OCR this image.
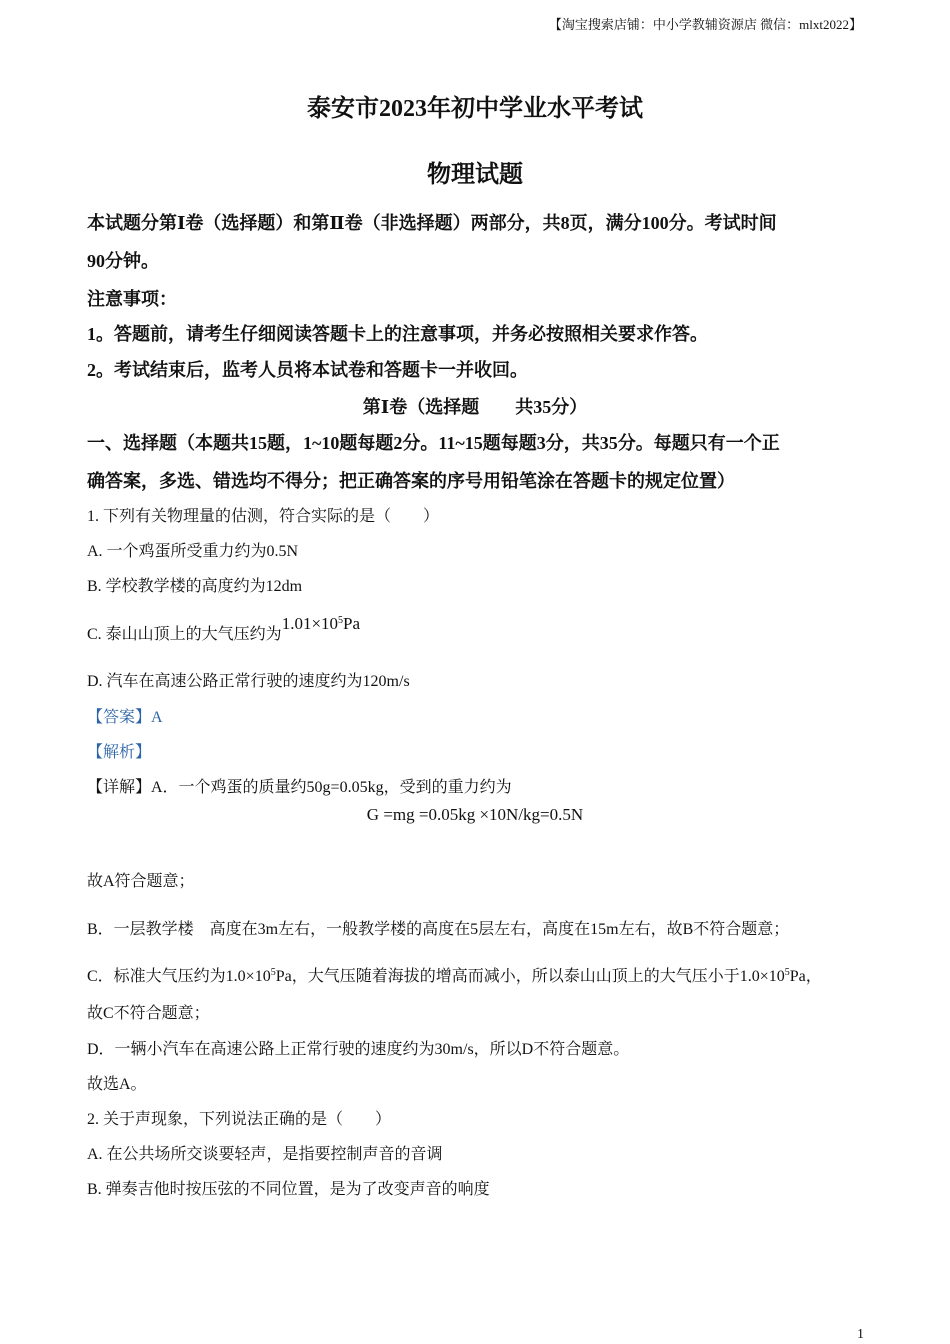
【淘宝搜索店铺：中小学教辅资源店 微信：mlxt2022】
泰安市2023年初中学业水平考试
物理试题
本试题分第Ⅰ卷（选择题）和第Ⅱ卷（非选择题）两部分，共8页，满分100分。考试时间
90分钟。
注意事项：
1。答题前，请考生仔细阅读答题卡上的注意事项，并务必按照相关要求作答。
2。考试结束后，监考人员将本试卷和答题卡一并收回。
第Ⅰ卷（选择题　　共35分）
一、选择题（本题共15题，1~10题每题2分。11~15题每题3分，共35分。每题只有一个正
确答案，多选、错选均不得分；把正确答案的序号用铅笔涂在答题卡的规定位置）
1. 下列有关物理量的估测，符合实际的是（　　）
A. 一个鸡蛋所受重力约为0.5N
B. 学校教学楼的高度约为12dm
C. 泰山山顶上的大气压约为$1.01\times 10^5Pa$
D. 汽车在高速公路正常行驶的速度约为120m/s
【答案】A
【解析】
【详解】A．一个鸡蛋的质量约50g=0.05kg，受到的重力约为
G =mg =0.05kg ×10N/kg=0.5N
故A符合题意；
B．一层教学楼　高度在3m左右，一般教学楼的高度在5层左右，高度在15m左右，故B不符合题意；
C．标准大气压约为$1.0\times 10^5Pa$，大气压随着海拔的增高而减小，所以泰山山顶上的大气压小于$1.0\times 10^5Pa$，
故C不符合题意；
D．一辆小汽车在高速公路上正常行驶的速度约为30m/s，所以D不符合题意。
故选A。
2. 关于声现象，下列说法正确的是（　　）
A. 在公共场所交谈要轻声，是指要控制声音的音调
B. 弹奏吉他时按压弦的不同位置，是为了改变声音的响度
1
